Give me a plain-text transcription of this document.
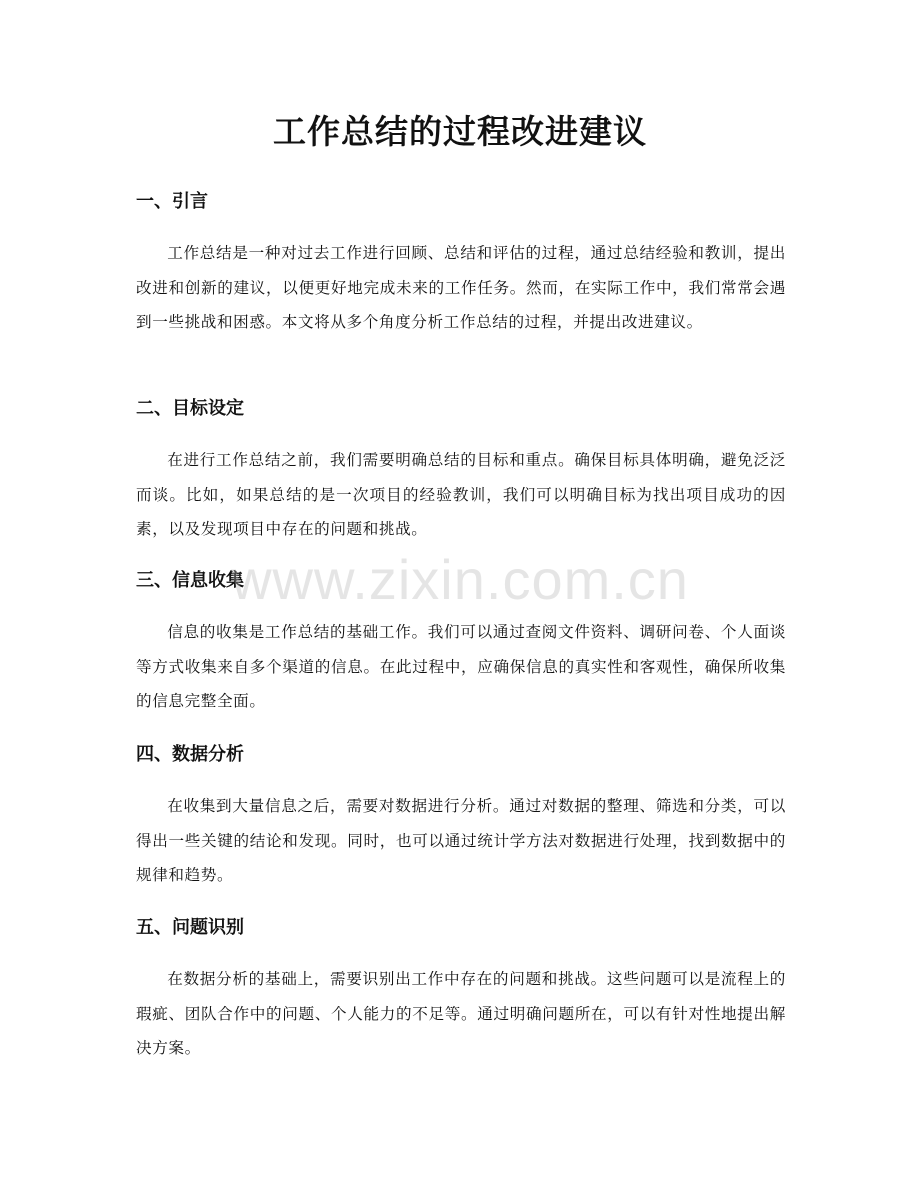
工作总结的过程改进建议

一、引言

工作总结是一种对过去工作进行回顾、总结和评估的过程，通过总结经验和教训，提出改进和创新的建议，以便更好地完成未来的工作任务。然而，在实际工作中，我们常常会遇到一些挑战和困惑。本文将从多个角度分析工作总结的过程，并提出改进建议。

二、目标设定

在进行工作总结之前，我们需要明确总结的目标和重点。确保目标具体明确，避免泛泛而谈。比如，如果总结的是一次项目的经验教训，我们可以明确目标为找出项目成功的因素，以及发现项目中存在的问题和挑战。

三、信息收集

信息的收集是工作总结的基础工作。我们可以通过查阅文件资料、调研问卷、个人面谈等方式收集来自多个渠道的信息。在此过程中，应确保信息的真实性和客观性，确保所收集的信息完整全面。

四、数据分析

在收集到大量信息之后，需要对数据进行分析。通过对数据的整理、筛选和分类，可以得出一些关键的结论和发现。同时，也可以通过统计学方法对数据进行处理，找到数据中的规律和趋势。

五、问题识别

在数据分析的基础上，需要识别出工作中存在的问题和挑战。这些问题可以是流程上的瑕疵、团队合作中的问题、个人能力的不足等。通过明确问题所在，可以有针对性地提出解决方案。

www.zixin.com.cn
